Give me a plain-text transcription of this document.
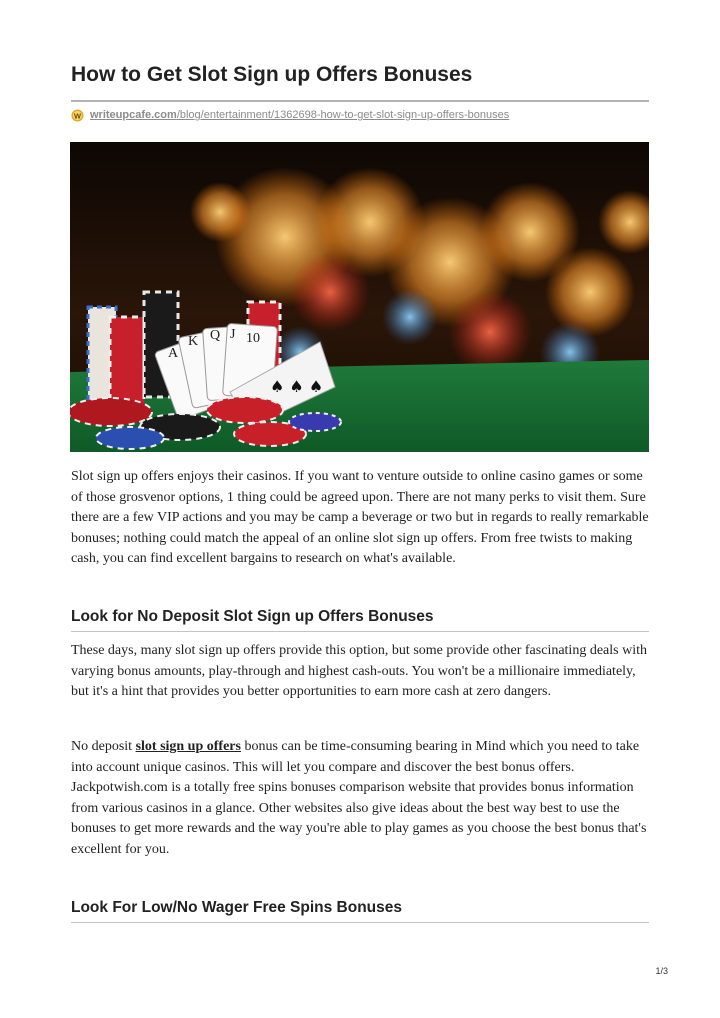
How to Get Slot Sign up Offers Bonuses
W writeupcafe.com /blog/entertainment/1362698-how-to-get-slot-sign-up-offers-bonuses
A
K Q J 10
♠ ♠ ♠

Slot sign up offers enjoys their casinos. If you want to venture outside to online casino games or some of those grosvenor options, 1 thing could be agreed upon. There are not many perks to visit them. Sure there are a few VIP actions and you may be camp a beverage or two but in regards to really remarkable bonuses; nothing could match the appeal of an online slot sign up offers. From free twists to making cash, you can find excellent bargains to research on what's available.

Look for No Deposit Slot Sign up Offers Bonuses

These days, many slot sign up offers provide this option, but some provide other fascinating deals with varying bonus amounts, play-through and highest cash-outs. You won't be a millionaire immediately, but it's a hint that provides you better opportunities to earn more cash at zero dangers.

No deposit slot sign up offers bonus can be time-consuming bearing in Mind which you need to take into account unique casinos. This will let you compare and discover the best bonus offers. Jackpotwish.com is a totally free spins bonuses comparison website that provides bonus information from various casinos in a glance. Other websites also give ideas about the best way best to use the bonuses to get more rewards and the way you're able to play games as you choose the best bonus that's excellent for you.

Look For Low/No Wager Free Spins Bonuses
1/3
